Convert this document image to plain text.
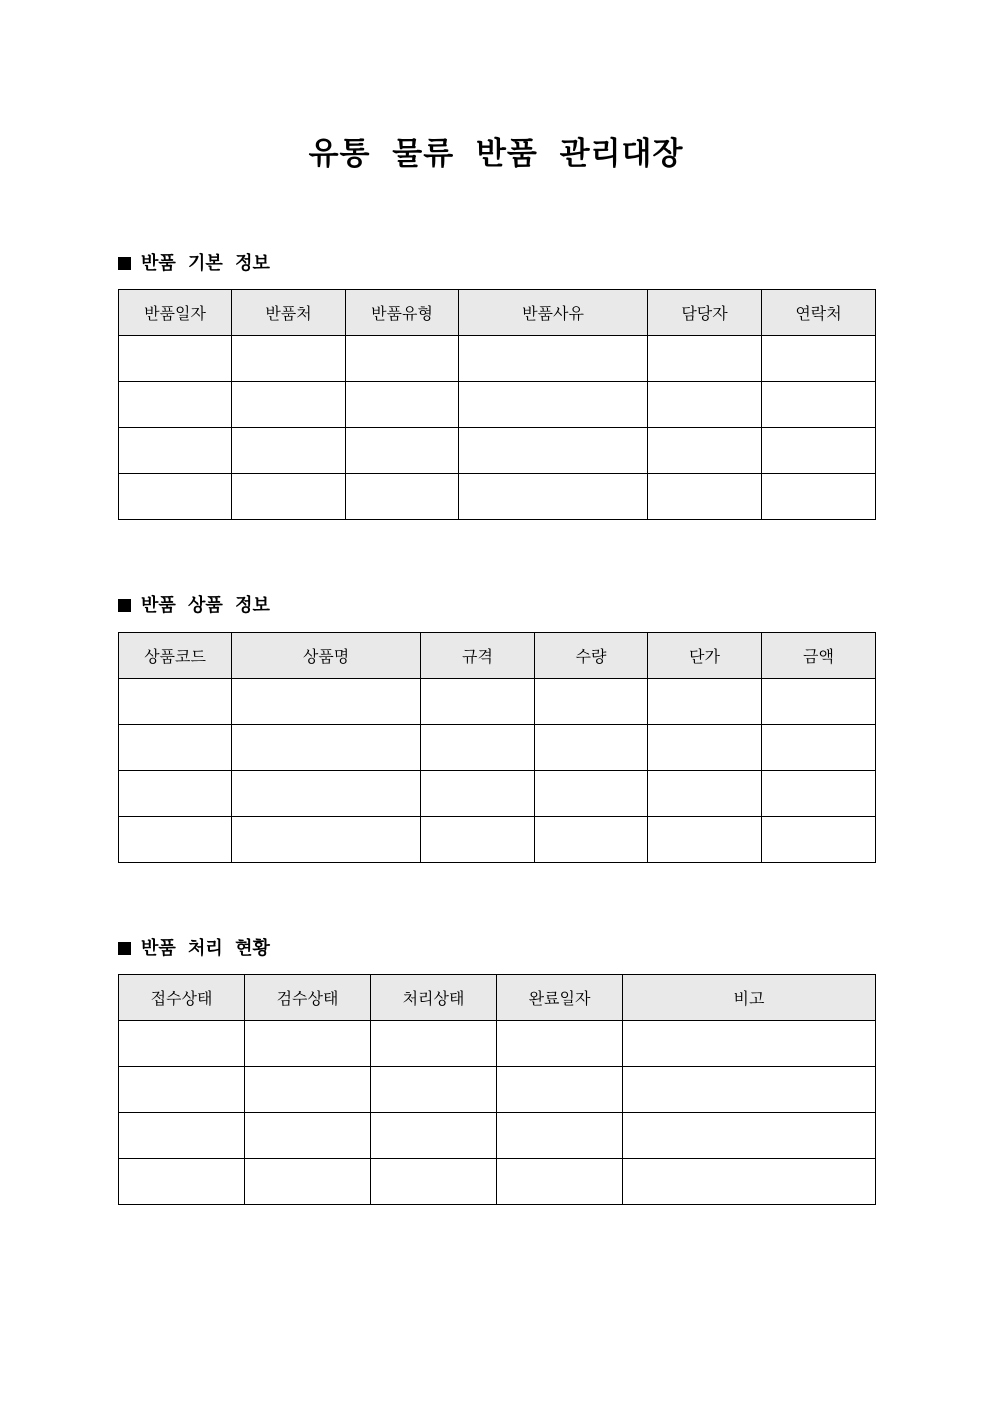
유통 물류 반품 관리대장
반품 기본 정보
반품일자	반품처	반품유형	반품사유	담당자	연락처

반품 상품 정보
상품코드	상품명	규격	수량	단가	금액

반품 처리 현황
접수상태	검수상태	처리상태	완료일자	비고
